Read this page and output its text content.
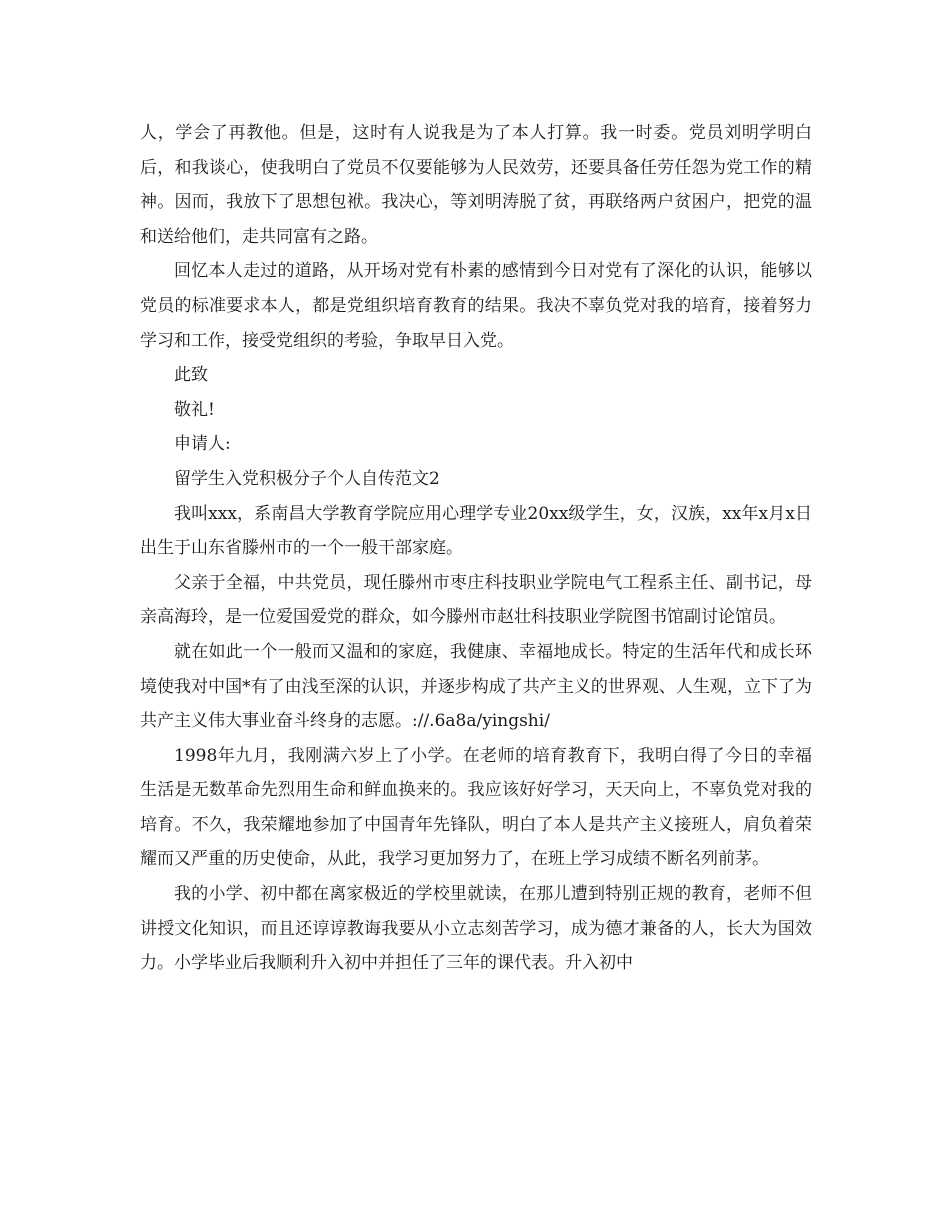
人，学会了再教他。但是，这时有人说我是为了本人打算。我一时委。党员刘明学明白后，和我谈心，使我明白了党员不仅要能够为人民效劳，还要具备任劳任怨为党工作的精神。因而，我放下了思想包袱。我决心，等刘明涛脱了贫，再联络两户贫困户，把党的温和送给他们，走共同富有之路。

回忆本人走过的道路，从开场对党有朴素的感情到今日对党有了深化的认识，能够以党员的标准要求本人，都是党组织培育教育的结果。我决不辜负党对我的培育，接着努力学习和工作，接受党组织的考验，争取早日入党。

此致

敬礼!

申请人:

留学生入党积极分子个人自传范文2

我叫xxx，系南昌大学教育学院应用心理学专业20xx级学生，女，汉族，xx年x月x日出生于山东省滕州市的一个一般干部家庭。

父亲于全福，中共党员，现任滕州市枣庄科技职业学院电气工程系主任、副书记，母亲高海玲，是一位爱国爱党的群众，如今滕州市赵壮科技职业学院图书馆副讨论馆员。

就在如此一个一般而又温和的家庭，我健康、幸福地成长。特定的生活年代和成长环境使我对中国*有了由浅至深的认识，并逐步构成了共产主义的世界观、人生观，立下了为共产主义伟大事业奋斗终身的志愿。://.6a8a/yingshi/

1998年九月，我刚满六岁上了小学。在老师的培育教育下，我明白得了今日的幸福生活是无数革命先烈用生命和鲜血换来的。我应该好好学习，天天向上，不辜负党对我的培育。不久，我荣耀地参加了中国青年先锋队，明白了本人是共产主义接班人，肩负着荣耀而又严重的历史使命，从此，我学习更加努力了，在班上学习成绩不断名列前茅。

我的小学、初中都在离家极近的学校里就读，在那儿遭到特别正规的教育，老师不但讲授文化知识，而且还谆谆教诲我要从小立志刻苦学习，成为德才兼备的人，长大为国效力。小学毕业后我顺利升入初中并担任了三年的课代表。升入初中
